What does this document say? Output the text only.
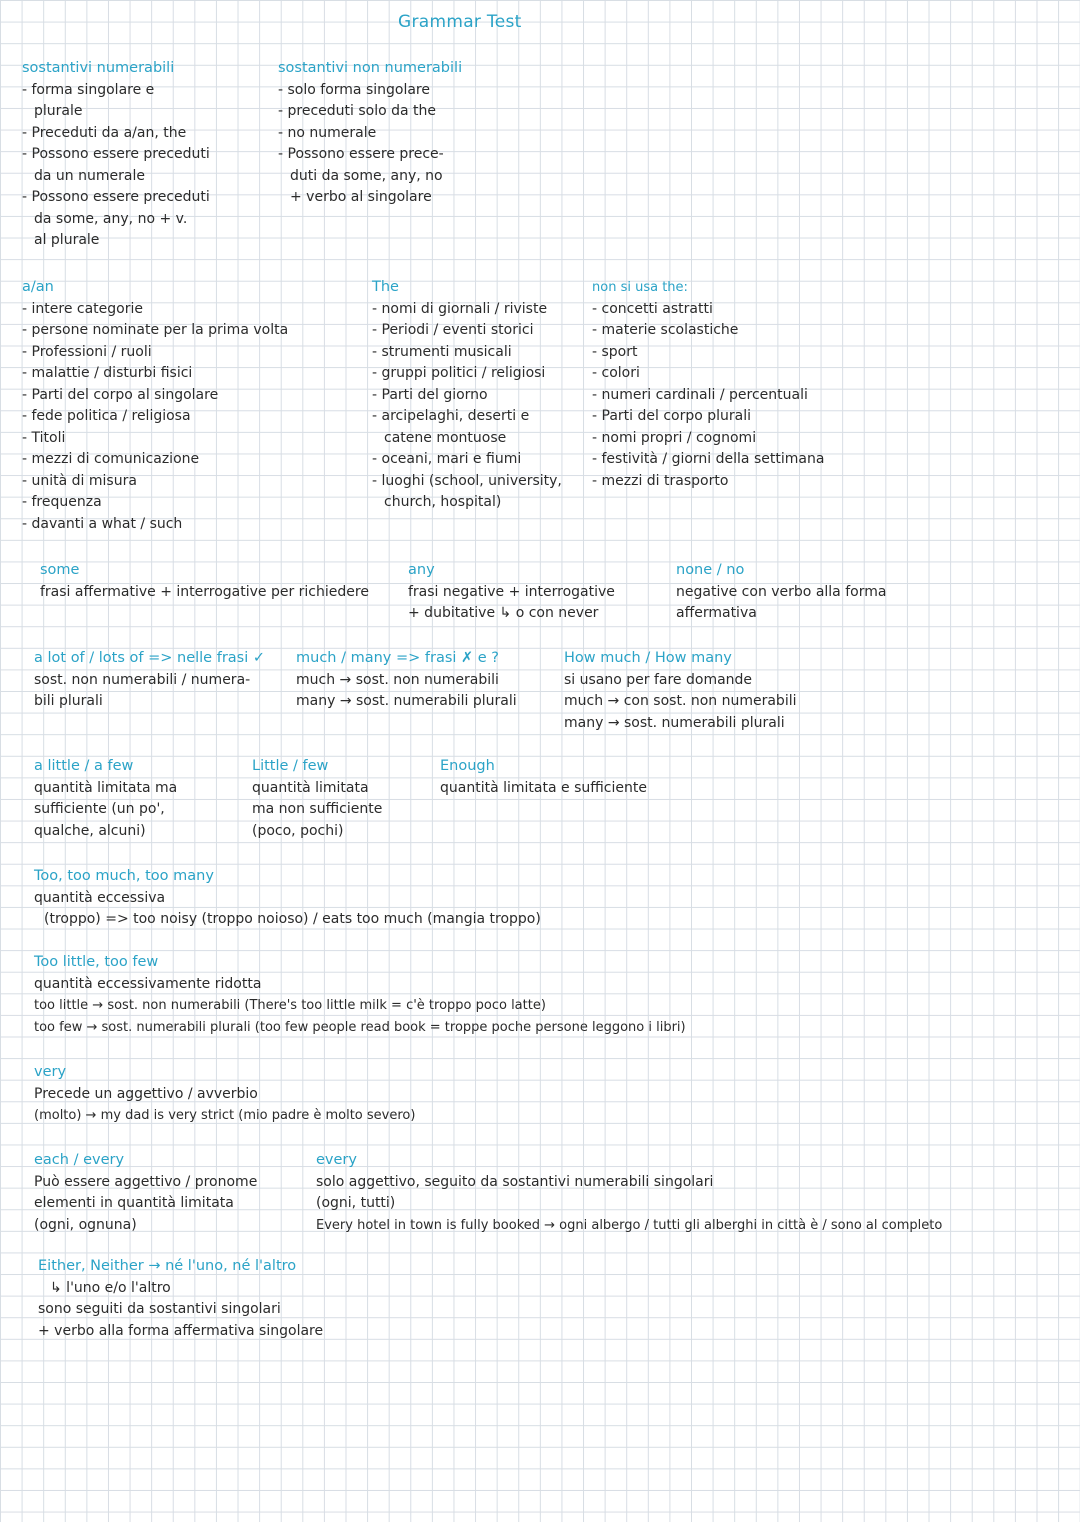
Grammar Test
sostantivi numerabili
- forma singolare e
plurale
- Preceduti da a/an, the
- Possono essere preceduti
da un numerale
- Possono essere preceduti
da some, any, no + v.
al plurale
sostantivi non numerabili
- solo forma singolare
- preceduti solo da the
- no numerale
- Possono essere prece-
duti da some, any, no
+ verbo al singolare
a/an
- intere categorie
- persone nominate per la prima volta
- Professioni / ruoli
- malattie / disturbi fisici
- Parti del corpo al singolare
- fede politica / religiosa
- Titoli
- mezzi di comunicazione
- unità di misura
- frequenza
- davanti a what / such
The
- nomi di giornali / riviste
- Periodi / eventi storici
- strumenti musicali
- gruppi politici / religiosi
- Parti del giorno
- arcipelaghi, deserti e
catene montuose
- oceani, mari e fiumi
- luoghi (school, university,
church, hospital)
non si usa the:
- concetti astratti
- materie scolastiche
- sport
- colori
- numeri cardinali / percentuali
- Parti del corpo plurali
- nomi propri / cognomi
- festività / giorni della settimana
- mezzi di trasporto
some
frasi affermative + interrogative per richiedere
any
frasi negative + interrogative
+ dubitative ↳ o con never
none / no
negative con verbo alla forma
affermativa
a lot of / lots of => nelle frasi ✓
sost. non numerabili / numera-
bili plurali
much / many => frasi ✗ e ?
much → sost. non numerabili
many → sost. numerabili plurali
How much / How many
si usano per fare domande
much → con sost. non numerabili
many → sost. numerabili plurali
a little / a few
quantità limitata ma
sufficiente (un po',
qualche, alcuni)
Little / few
quantità limitata
ma non sufficiente
(poco, pochi)
Enough
quantità limitata e sufficiente
Too, too much, too many
quantità eccessiva
(troppo) => too noisy (troppo noioso) / eats too much (mangia troppo)
Too little, too few
quantità eccessivamente ridotta
too little → sost. non numerabili (There's too little milk = c'è troppo poco latte)
too few → sost. numerabili plurali (too few people read book = troppe poche persone leggono i libri)
very
Precede un aggettivo / avverbio
(molto) → my dad is very strict (mio padre è molto severo)
each / every
Può essere aggettivo / pronome
elementi in quantità limitata
(ogni, ognuna)
every
solo aggettivo, seguito da sostantivi numerabili singolari
(ogni, tutti)
Every hotel in town is fully booked → ogni albergo / tutti gli alberghi in città è / sono al completo
Either, Neither → né l'uno, né l'altro
↳ l'uno e/o l'altro
sono seguiti da sostantivi singolari
+ verbo alla forma affermativa singolare
